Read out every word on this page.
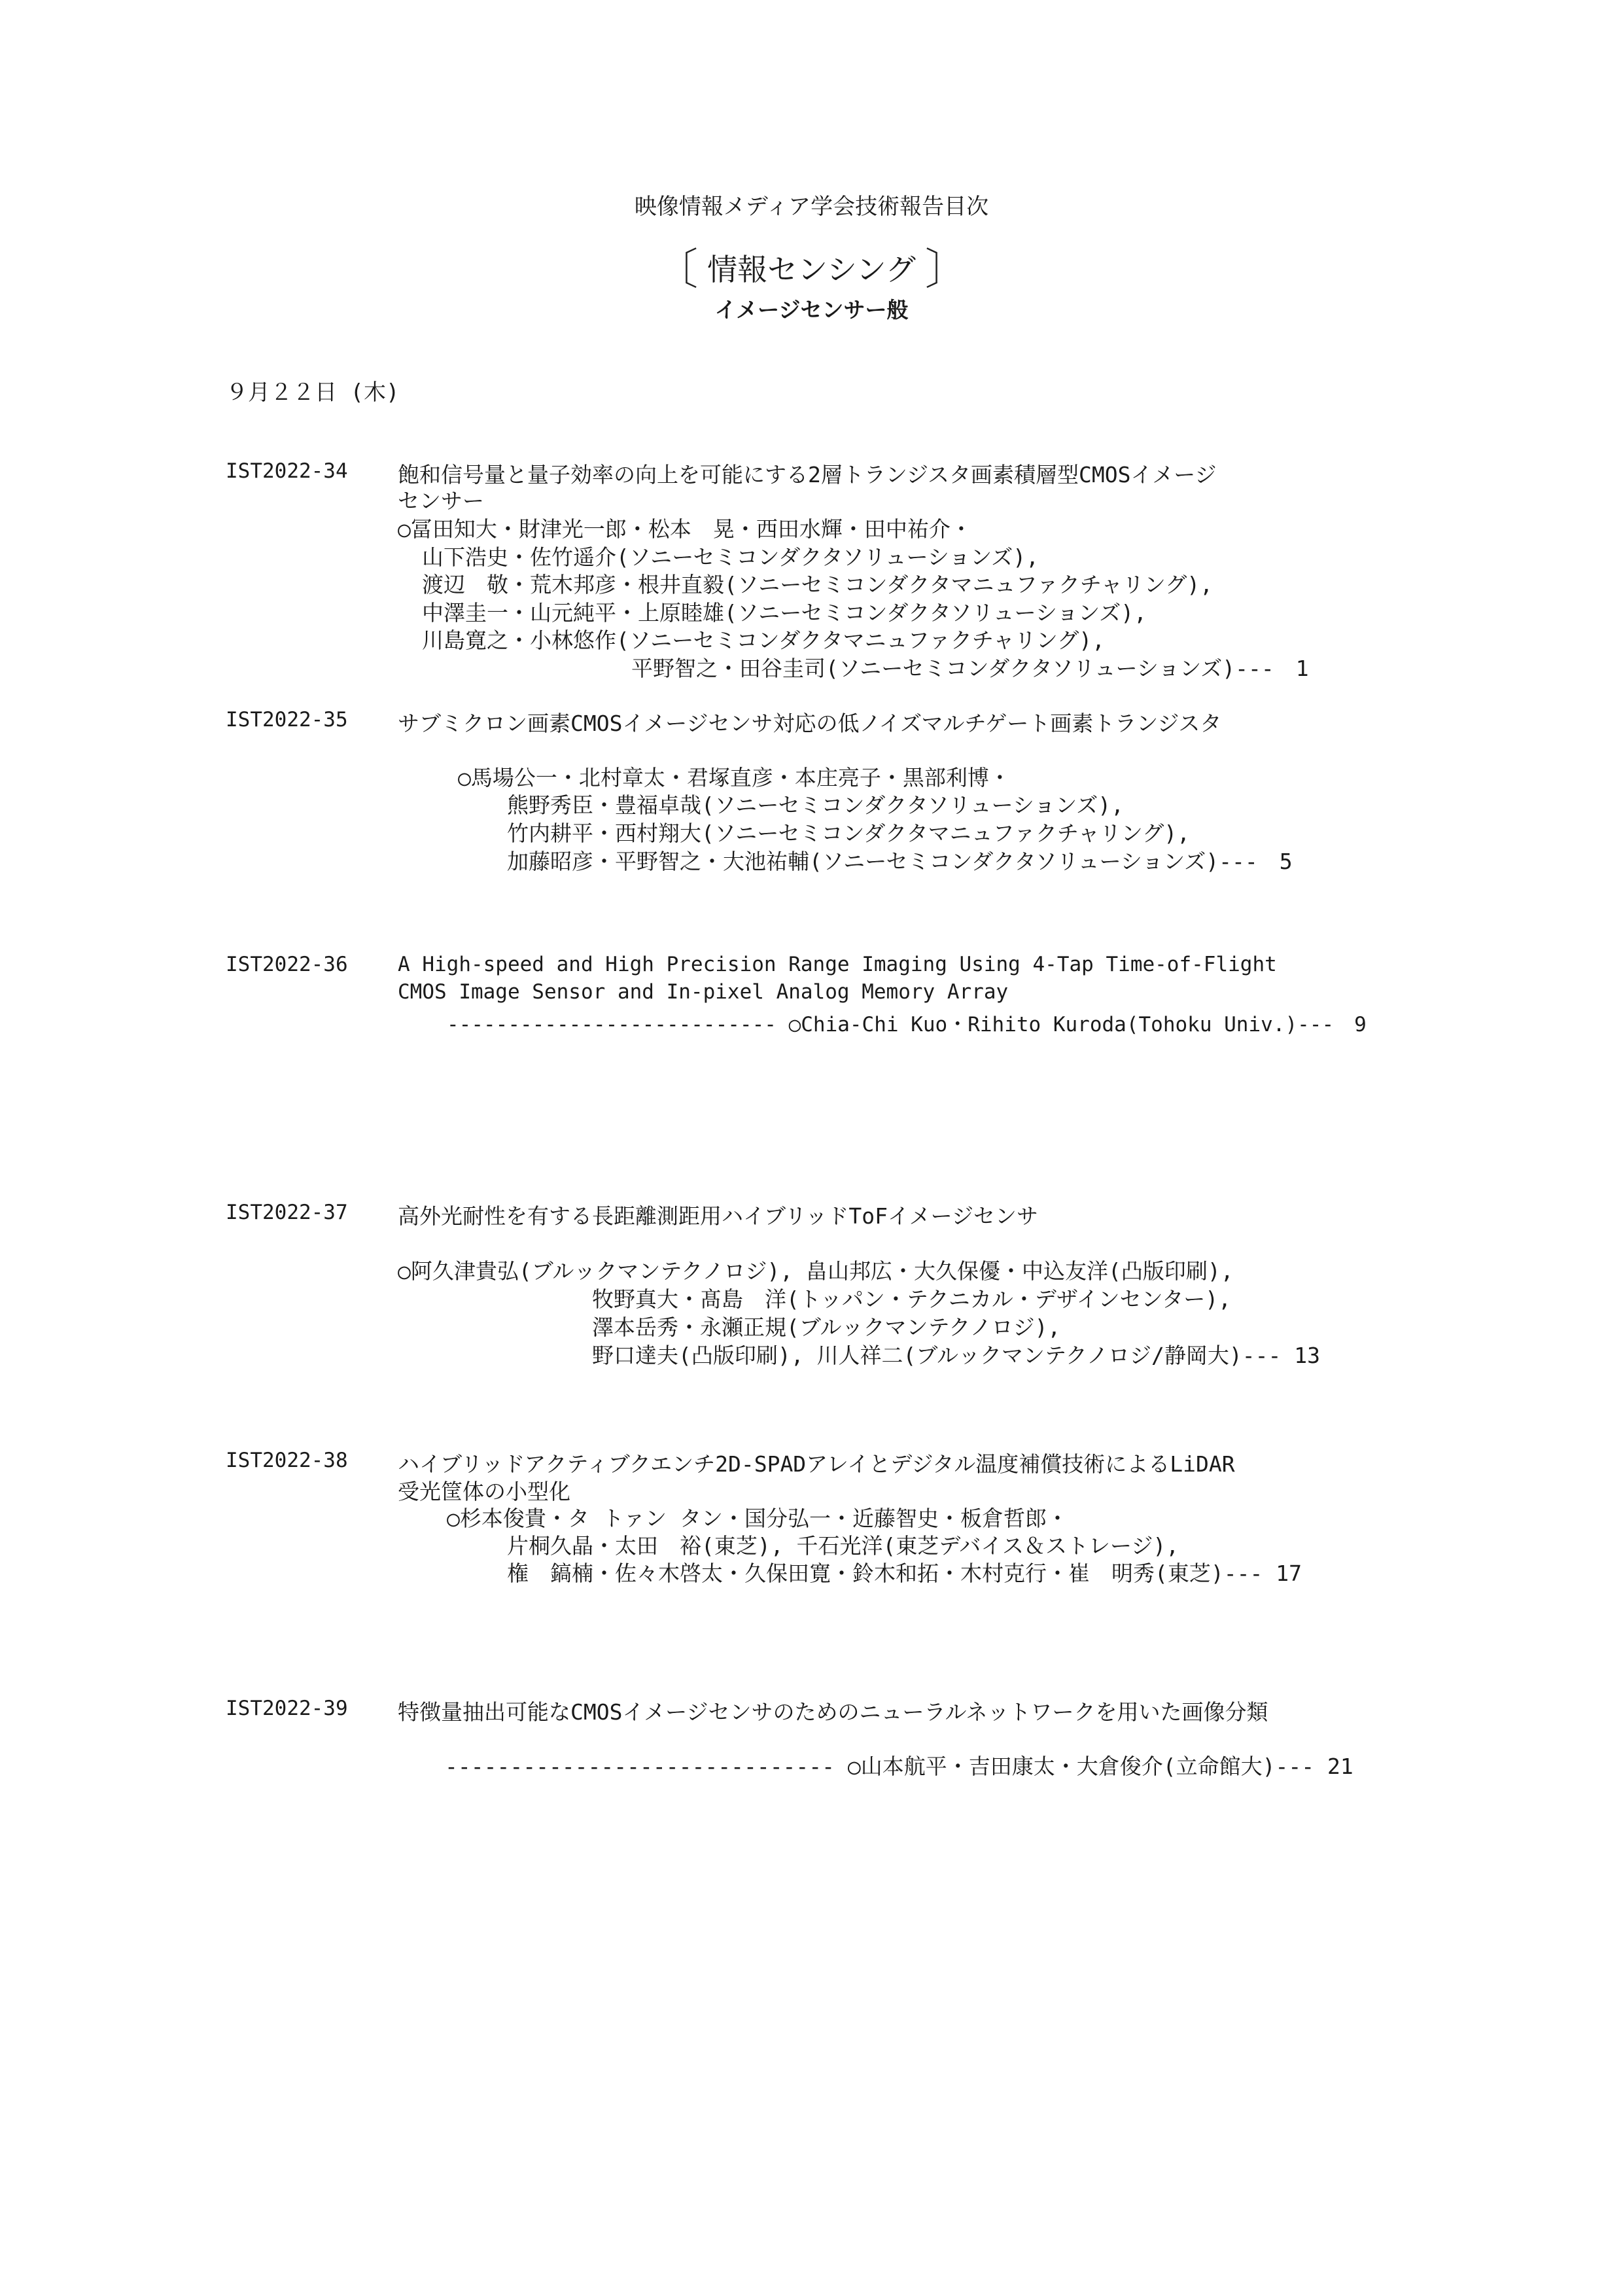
映像情報メディア学会技術報告目次
〔 情報センシング 〕
イメージセンサー般
９月２２日 (木)
IST2022-34 飽和信号量と量子効率の向上を可能にする2層トランジスタ画素積層型CMOSイメージ
センサー
○冨田知大・財津光一郎・松本　晃・西田水輝・田中祐介・
山下浩史・佐竹遥介(ソニーセミコンダクタソリューションズ),
渡辺　敬・荒木邦彦・根井直毅(ソニーセミコンダクタマニュファクチャリング),
中澤圭一・山元純平・上原睦雄(ソニーセミコンダクタソリューションズ),
川島寛之・小林悠作(ソニーセミコンダクタマニュファクチャリング),
平野智之・田谷圭司(ソニーセミコンダクタソリューションズ)---　1
IST2022-35 サブミクロン画素CMOSイメージセンサ対応の低ノイズマルチゲート画素トランジスタ
○馬場公一・北村章太・君塚直彦・本庄亮子・黒部利博・
熊野秀臣・豊福卓哉(ソニーセミコンダクタソリューションズ),
竹内耕平・西村翔大(ソニーセミコンダクタマニュファクチャリング),
加藤昭彦・平野智之・大池祐輔(ソニーセミコンダクタソリューションズ)---　5
IST2022-36 A High-speed and High Precision Range Imaging Using 4-Tap Time-of-Flight
CMOS Image Sensor and In-pixel Analog Memory Array
--------------------------- ○Chia-Chi Kuo・Rihito Kuroda(Tohoku Univ.)---　9
IST2022-37 高外光耐性を有する長距離測距用ハイブリッドToFイメージセンサ
○阿久津貴弘(ブルックマンテクノロジ), 畠山邦広・大久保優・中込友洋(凸版印刷),
牧野真大・髙島　洋(トッパン・テクニカル・デザインセンター),
澤本岳秀・永瀬正規(ブルックマンテクノロジ),
野口達夫(凸版印刷), 川人祥二(ブルックマンテクノロジ/静岡大)--- 13
IST2022-38 ハイブリッドアクティブクエンチ2D-SPADアレイとデジタル温度補償技術によるLiDAR
受光筐体の小型化
○杉本俊貴・タ トァン タン・国分弘一・近藤智史・板倉哲郎・
片桐久晶・太田　裕(東芝), 千石光洋(東芝デバイス＆ストレージ),
権　鎬楠・佐々木啓太・久保田寛・鈴木和拓・木村克行・崔　明秀(東芝)--- 17
IST2022-39 特徴量抽出可能なCMOSイメージセンサのためのニューラルネットワークを用いた画像分類
------------------------------ ○山本航平・吉田康太・大倉俊介(立命館大)--- 21
